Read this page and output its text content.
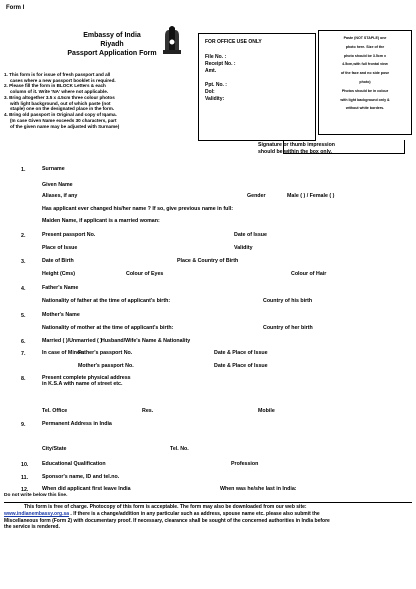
Form I
Embassy of India
Riyadh
Passport Application Form
1. This form is for issue of fresh passport and all
cases where a new passport booklet is required.
2. Please fill the form in BLOCK Letters & each
column of it. Write 'NA' where not applicable.
3. Bring altogether 3.5 x 4.5cm three colour photos
with light background, out of which paste (not
staple) one on the designated place in the form.
4. Bring old passport in Original and copy of Iqama.
(In case Given Name exceeds 30 characters, part
of the given name may be adjusted with Surname)
FOR OFFICE USE ONLY
File No. :
Receipt No. :
Amt.
Ppt. No. :
DoI:
Validity:
Paste (NOT STAPLE) one
photo here. Size of the
photo should be 3.5cm x
4.5cm,with full frontal view
of the face and no side pose
photo)
Photos should be in colour
with light background only &
without white borders.
Signature or thumb impression
should be within the box only.
1.	Surname
Given Name
Aliases, if any	Gender	Male ( ) / Female ( )
Has applicant ever changed his/her name ? If so, give previous name in full:
Maiden Name, if applicant is a married woman:
2.	Present passport No.	Date of Issue
Place of Issue	Validity
3.	Date of Birth	Place & Country of Birth
Height (Cms)	Colour of Eyes	Colour of Hair
4.	Father's Name
Nationality of father at the time of applicant's birth:	Country of his birth
5.	Mother's Name
Nationality of mother at the time of applicant's birth:	Country of her birth
6.	Married ( )/Unmarried ( )
Husband/Wife's Name & Nationality
7.	In case of Minor:
Father's passport No.	Date & Place of Issue
Mother's passport No.	Date & Place of Issue
8.	Present complete physical address
in K.S.A with name of street etc.
Tel. Office	Res.	Mobile
9.	Permanent Address in India
City/State	Tel. No.
10.	Educational Qualification	Profession
11.	Sponsor's name, ID and tel.no.
12.	When did applicant first leave India	When was he/she last in India:
Do not write below this line.
This form is free of charge. Photocopy of this form is acceptable. The form may also be downloaded from our web site:
www.indianembassy.org.sa . If there is a change/addition in any particular such as address, spouse name etc. please also submit the
Miscellaneous form (Form 2) with documentary proof. If necessary, clearance shall be sought of the concerned authorities in India before
the service is rendered.
